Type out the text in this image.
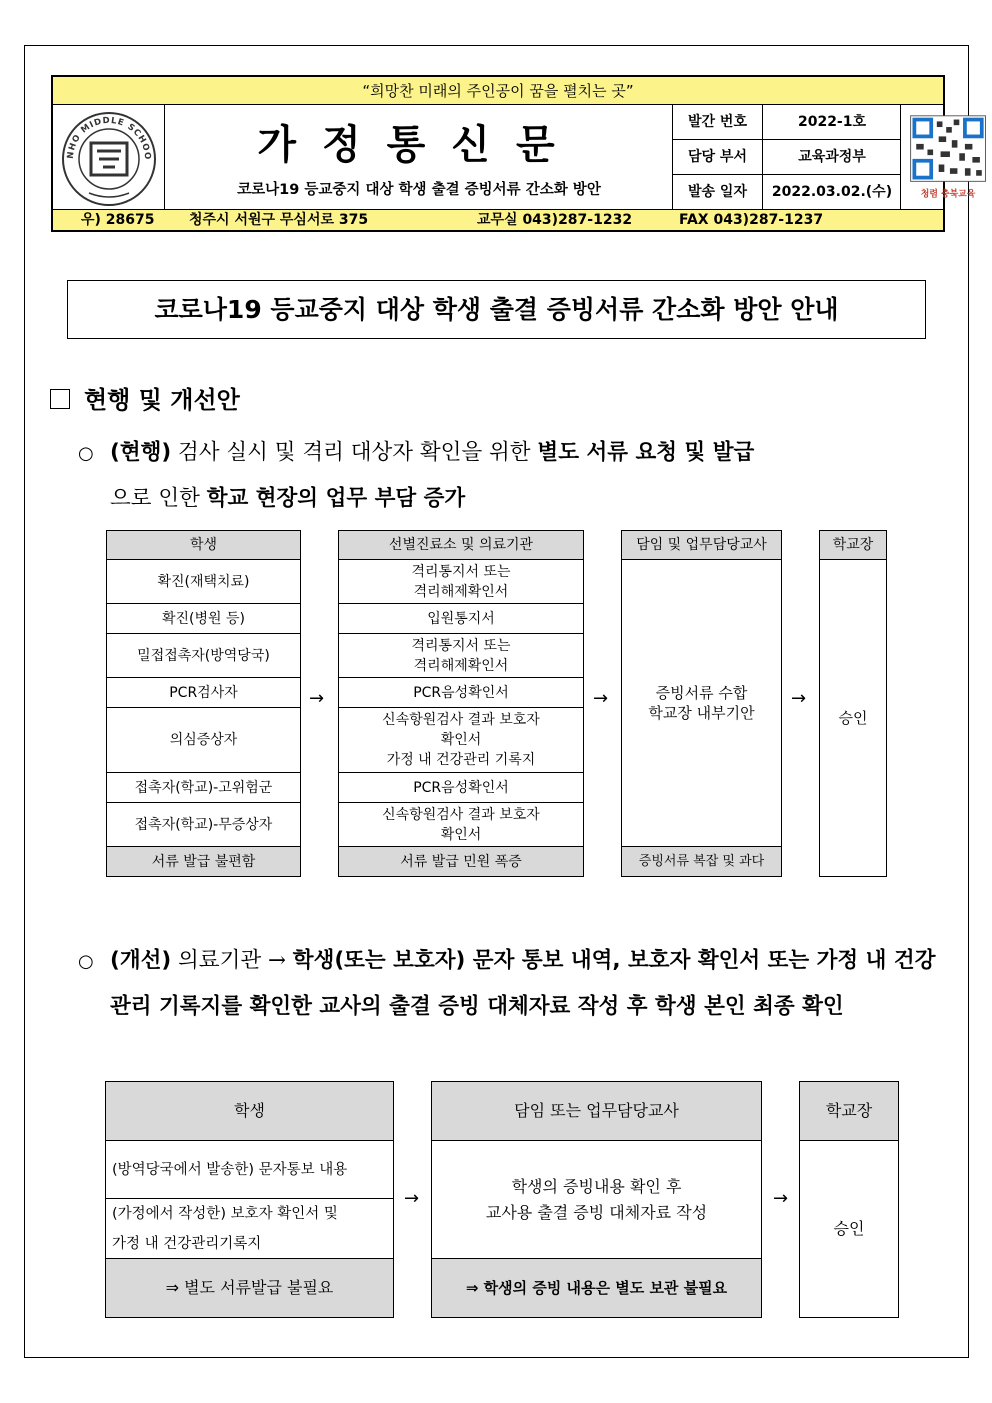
“희망찬 미래의 주인공이 꿈을 펼치는 곳”
NHO MIDDLE SCHOO	가정통신문
코로나19 등교중지 대상 학생 출결 증빙서류 간소화 방안
발간 번호	2022-1호
담당 부서	교육과정부
발송 일자	2022.03.02.(수)	청렴 충북교육
우) 28675 청주시 서원구 무심서로 375	교무실 043)287-1232	FAX 043)287-1237
코로나19 등교중지 대상 학생 출결 증빙서류 간소화 방안 안내
현행 및 개선안
○ (현행) 검사 실시 및 격리 대상자 확인을 위한 별도 서류 요청 및 발급
으로 인한 학교 현장의 업무 부담 증가
학생
확진(재택치료)
확진(병원 등)
밀접접촉자(방역당국)
PCR검사자
의심증상자
접촉자(학교)-고위험군
접촉자(학교)-무증상자
서류 발급 불편함
→
선별진료소 및 의료기관
격리통지서 또는
격리해제확인서
입원통지서
격리통지서 또는
격리해제확인서
PCR음성확인서
신속항원검사 결과 보호자
확인서
가정 내 건강관리 기록지
PCR음성확인서
신속항원검사 결과 보호자
확인서
서류 발급 민원 폭증
→
담임 및 업무담당교사
증빙서류 수합
학교장 내부기안
증빙서류 복잡 및 과다
→
학교장
승인
○ (개선) 의료기관 → 학생(또는 보호자) 문자 통보 내역, 보호자 확인서 또는 가정 내 건강관리 기록지를 확인한 교사의 출결 증빙 대체자료 작성 후 학생 본인 최종 확인
학생
(방역당국에서 발송한) 문자통보 내용
(가정에서 작성한) 보호자 확인서 및
가정 내 건강관리기록지
⇒ 별도 서류발급 불필요
→
담임 또는 업무담당교사
학생의 증빙내용 확인 후
교사용 출결 증빙 대체자료 작성
⇒ 학생의 증빙 내용은 별도 보관 불필요
→
학교장
승인
